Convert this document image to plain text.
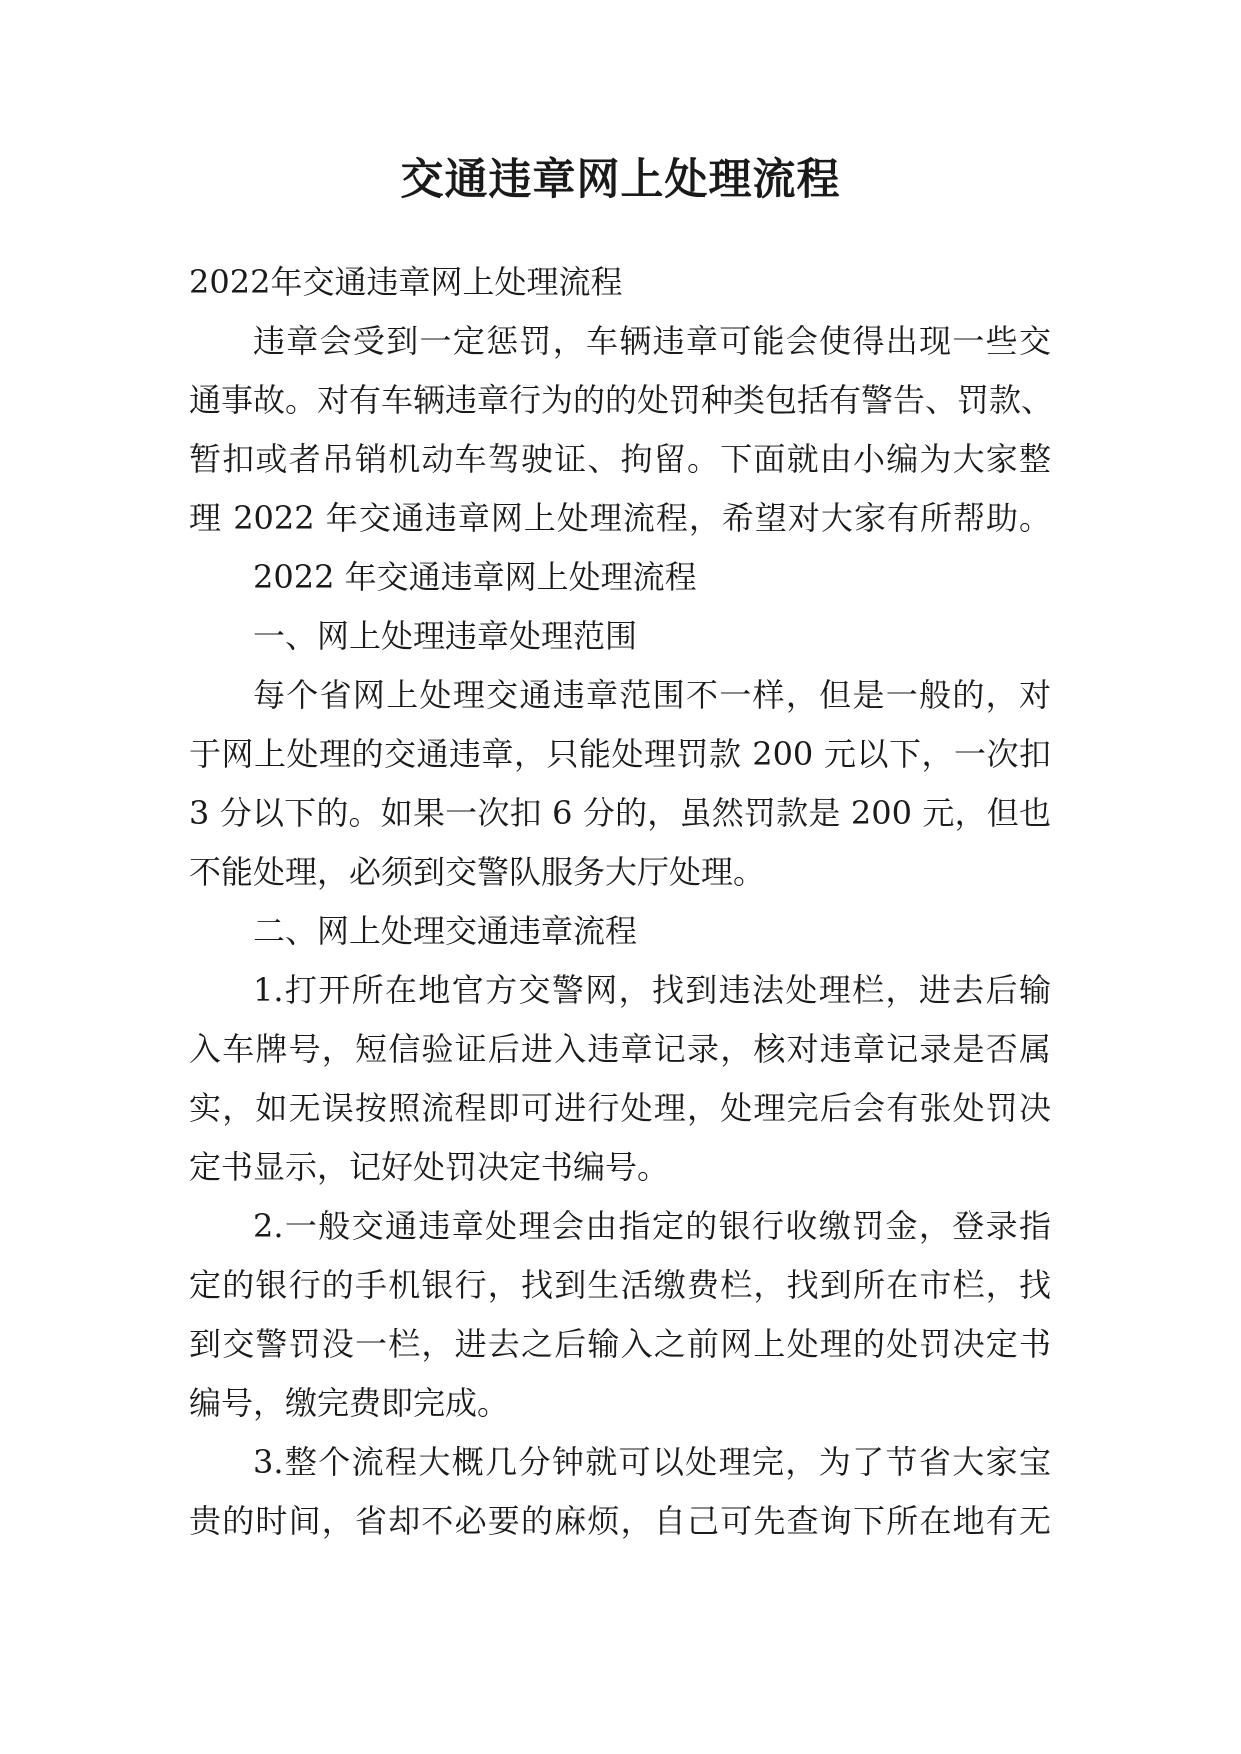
交通违章网上处理流程
2022年交通违章网上处理流程
违章会受到一定惩罚，车辆违章可能会使得出现一些交
通事故。对有车辆违章行为的的处罚种类包括有警告、罚款、
暂扣或者吊销机动车驾驶证、拘留。下面就由小编为大家整
理 2022 年交通违章网上处理流程，希望对大家有所帮助。
2022 年交通违章网上处理流程
一、网上处理违章处理范围
每个省网上处理交通违章范围不一样，但是一般的，对
于网上处理的交通违章，只能处理罚款 200 元以下，一次扣
3 分以下的。如果一次扣 6 分的，虽然罚款是 200 元，但也
不能处理，必须到交警队服务大厅处理。
二、网上处理交通违章流程
1.打开所在地官方交警网，找到违法处理栏，进去后输
入车牌号，短信验证后进入违章记录，核对违章记录是否属
实，如无误按照流程即可进行处理，处理完后会有张处罚决
定书显示，记好处罚决定书编号。
2.一般交通违章处理会由指定的银行收缴罚金，登录指
定的银行的手机银行，找到生活缴费栏，找到所在市栏，找
到交警罚没一栏，进去之后输入之前网上处理的处罚决定书
编号，缴完费即完成。
3.整个流程大概几分钟就可以处理完，为了节省大家宝
贵的时间，省却不必要的麻烦，自己可先查询下所在地有无
